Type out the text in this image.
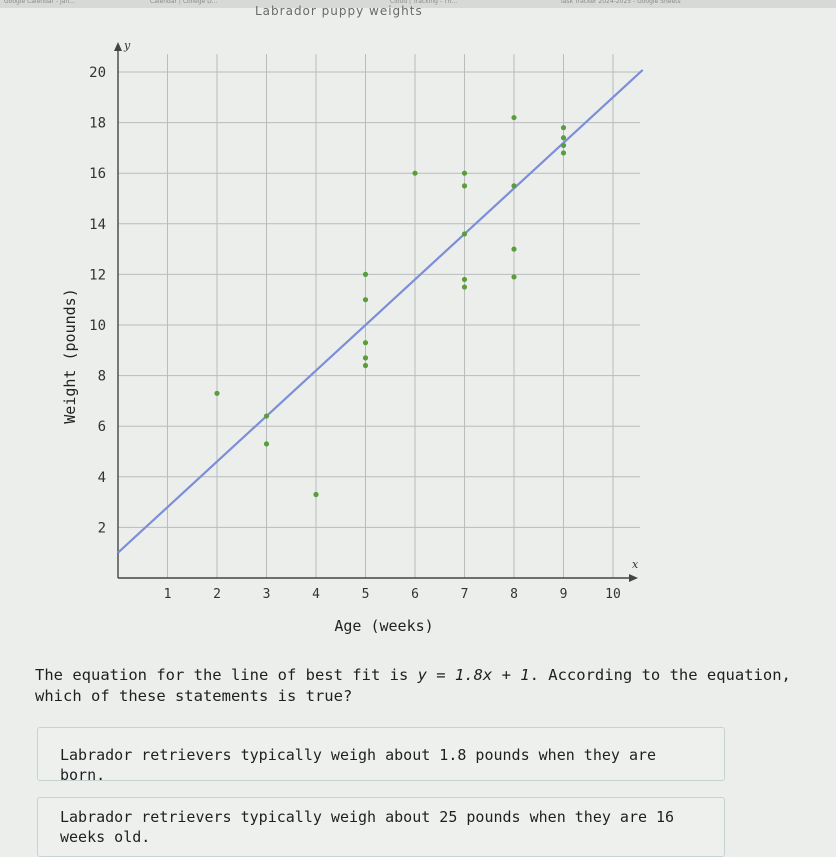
Google Calendar - Jan...	Calendar | College D...	Cloud | Tracking - Th...	Task Tracker 2024-2025 - Google Sheets
Labrador puppy weights
1	2	3	4	5	6	7	8	9	10
2
4
6
8
10
12
14
16
18
20
x
y
Age (weeks)
Weight (pounds)
The equation for the line of best fit is y = 1.8x + 1. According to the equation, which of these statements is true?
Labrador retrievers typically weigh about 1.8 pounds when they are born.
Labrador retrievers typically weigh about 25 pounds when they are 16 weeks old.
